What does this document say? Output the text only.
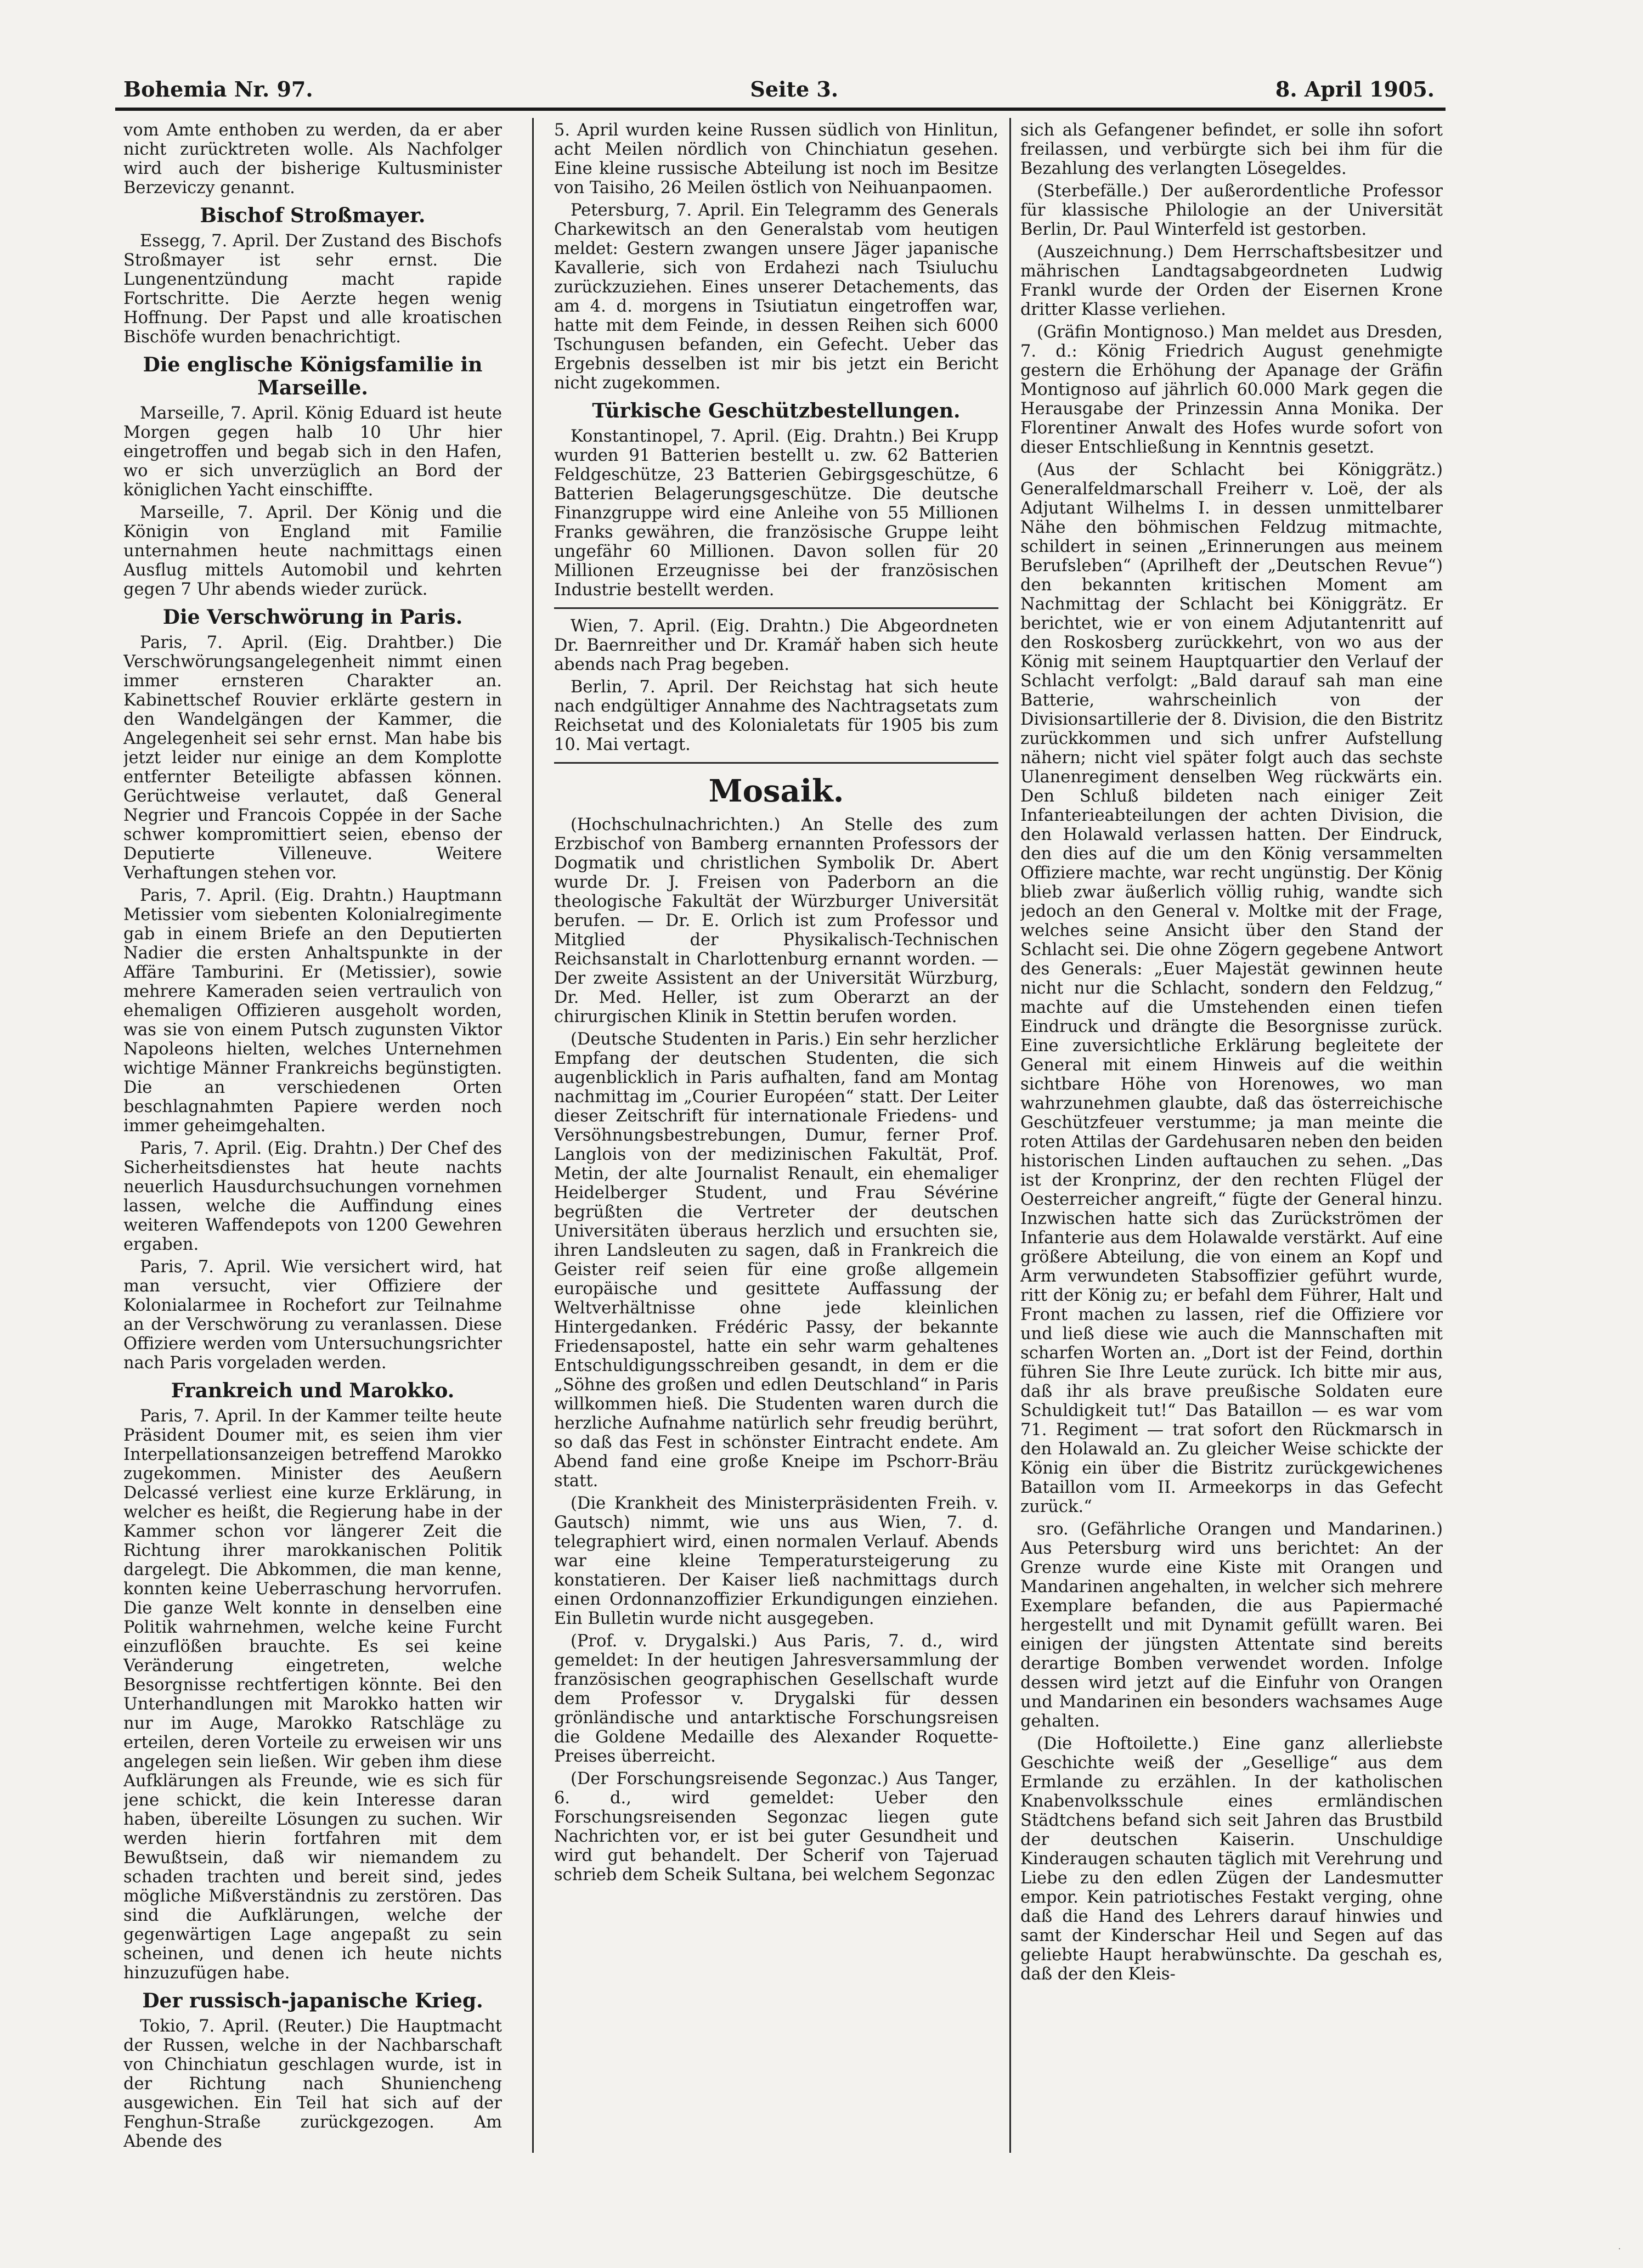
Bohemia Nr. 97.	Seite 3.	8. April 1905.

vom Amte enthoben zu werden, da er aber nicht zurücktreten wolle. Als Nachfolger wird auch der bisherige Kultusminister Berzeviczy genannt.

Bischof Stroßmayer.

Essegg, 7. April. Der Zustand des Bischofs Stroßmayer ist sehr ernst. Die Lungenentzündung macht rapide Fortschritte. Die Aerzte hegen wenig Hoffnung. Der Papst und alle kroatischen Bischöfe wurden benachrichtigt.

Die englische Königsfamilie in Marseille.

Marseille, 7. April. König Eduard ist heute Morgen gegen halb 10 Uhr hier eingetroffen und begab sich in den Hafen, wo er sich unverzüglich an Bord der königlichen Yacht einschiffte.

Marseille, 7. April. Der König und die Königin von England mit Familie unternahmen heute nachmittags einen Ausflug mittels Automobil und kehrten gegen 7 Uhr abends wieder zurück.

Die Verschwörung in Paris.

Paris, 7. April. (Eig. Drahtber.) Die Verschwörungsangelegenheit nimmt einen immer ernsteren Charakter an. Kabinettschef Rouvier erklärte gestern in den Wandelgängen der Kammer, die Angelegenheit sei sehr ernst. Man habe bis jetzt leider nur einige an dem Komplotte entfernter Beteiligte abfassen können. Gerüchtweise verlautet, daß General Negrier und Francois Coppée in der Sache schwer kompromittiert seien, ebenso der Deputierte Villeneuve. Weitere Verhaftungen stehen vor.

Paris, 7. April. (Eig. Drahtn.) Hauptmann Metissier vom siebenten Kolonialregimente gab in einem Briefe an den Deputierten Nadier die ersten Anhaltspunkte in der Affäre Tamburini. Er (Metissier), sowie mehrere Kameraden seien vertraulich von ehemaligen Offizieren ausgeholt worden, was sie von einem Putsch zugunsten Viktor Napoleons hielten, welches Unternehmen wichtige Männer Frankreichs begünstigten. Die an verschiedenen Orten beschlagnahmten Papiere werden noch immer geheimgehalten.

Paris, 7. April. (Eig. Drahtn.) Der Chef des Sicherheitsdienstes hat heute nachts neuerlich Hausdurchsuchungen vornehmen lassen, welche die Auffindung eines weiteren Waffendepots von 1200 Gewehren ergaben.

Paris, 7. April. Wie versichert wird, hat man versucht, vier Offiziere der Kolonialarmee in Rochefort zur Teilnahme an der Verschwörung zu veranlassen. Diese Offiziere werden vom Untersuchungsrichter nach Paris vorgeladen werden.

Frankreich und Marokko.

Paris, 7. April. In der Kammer teilte heute Präsident Doumer mit, es seien ihm vier Interpellationsanzeigen betreffend Marokko zugekommen. Minister des Aeußern Delcassé verliest eine kurze Erklärung, in welcher es heißt, die Regierung habe in der Kammer schon vor längerer Zeit die Richtung ihrer marokkanischen Politik dargelegt. Die Abkommen, die man kenne, konnten keine Ueberraschung hervorrufen. Die ganze Welt konnte in denselben eine Politik wahrnehmen, welche keine Furcht einzuflößen brauchte. Es sei keine Veränderung eingetreten, welche Besorgnisse rechtfertigen könnte. Bei den Unterhandlungen mit Marokko hatten wir nur im Auge, Marokko Ratschläge zu erteilen, deren Vorteile zu erweisen wir uns angelegen sein ließen. Wir geben ihm diese Aufklärungen als Freunde, wie es sich für jene schickt, die kein Interesse daran haben, übereilte Lösungen zu suchen. Wir werden hierin fortfahren mit dem Bewußtsein, daß wir niemandem zu schaden trachten und bereit sind, jedes mögliche Mißverständnis zu zerstören. Das sind die Aufklärungen, welche der gegenwärtigen Lage angepaßt zu sein scheinen, und denen ich heute nichts hinzuzufügen habe.

Der russisch-japanische Krieg.

Tokio, 7. April. (Reuter.) Die Hauptmacht der Russen, welche in der Nachbarschaft von Chinchiatun geschlagen wurde, ist in der Richtung nach Shuniencheng ausgewichen. Ein Teil hat sich auf der Fenghun-Straße zurückgezogen. Am Abende des

5. April wurden keine Russen südlich von Hinlitun, acht Meilen nördlich von Chinchiatun gesehen. Eine kleine russische Abteilung ist noch im Besitze von Taisiho, 26 Meilen östlich von Neihuanpaomen.

Petersburg, 7. April. Ein Telegramm des Generals Charkewitsch an den Generalstab vom heutigen meldet: Gestern zwangen unsere Jäger japanische Kavallerie, sich von Erdahezi nach Tsiuluchu zurückzuziehen. Eines unserer Detachements, das am 4. d. morgens in Tsiutiatun eingetroffen war, hatte mit dem Feinde, in dessen Reihen sich 6000 Tschungusen befanden, ein Gefecht. Ueber das Ergebnis desselben ist mir bis jetzt ein Bericht nicht zugekommen.

Türkische Geschützbestellungen.

Konstantinopel, 7. April. (Eig. Drahtn.) Bei Krupp wurden 91 Batterien bestellt u. zw. 62 Batterien Feldgeschütze, 23 Batterien Gebirgsgeschütze, 6 Batterien Belagerungsgeschütze. Die deutsche Finanzgruppe wird eine Anleihe von 55 Millionen Franks gewähren, die französische Gruppe leiht ungefähr 60 Millionen. Davon sollen für 20 Millionen Erzeugnisse bei der französischen Industrie bestellt werden.

Wien, 7. April. (Eig. Drahtn.) Die Abgeordneten Dr. Baernreither und Dr. Kramář haben sich heute abends nach Prag begeben.

Berlin, 7. April. Der Reichstag hat sich heute nach endgültiger Annahme des Nachtragsetats zum Reichsetat und des Kolonialetats für 1905 bis zum 10. Mai vertagt.

Mosaik.

(Hochschulnachrichten.) An Stelle des zum Erzbischof von Bamberg ernannten Professors der Dogmatik und christlichen Symbolik Dr. Abert wurde Dr. J. Freisen von Paderborn an die theologische Fakultät der Würzburger Universität berufen. — Dr. E. Orlich ist zum Professor und Mitglied der Physikalisch-Technischen Reichsanstalt in Charlottenburg ernannt worden. — Der zweite Assistent an der Universität Würzburg, Dr. Med. Heller, ist zum Oberarzt an der chirurgischen Klinik in Stettin berufen worden.

(Deutsche Studenten in Paris.) Ein sehr herzlicher Empfang der deutschen Studenten, die sich augenblicklich in Paris aufhalten, fand am Montag nachmittag im „Courier Européen“ statt. Der Leiter dieser Zeitschrift für internationale Friedens- und Versöhnungsbestrebungen, Dumur, ferner Prof. Langlois von der medizinischen Fakultät, Prof. Metin, der alte Journalist Renault, ein ehemaliger Heidelberger Student, und Frau Sévérine begrüßten die Vertreter der deutschen Universitäten überaus herzlich und ersuchten sie, ihren Landsleuten zu sagen, daß in Frankreich die Geister reif seien für eine große allgemein europäische und gesittete Auffassung der Weltverhältnisse ohne jede kleinlichen Hintergedanken. Frédéric Passy, der bekannte Friedensapostel, hatte ein sehr warm gehaltenes Entschuldigungsschreiben gesandt, in dem er die „Söhne des großen und edlen Deutschland“ in Paris willkommen hieß. Die Studenten waren durch die herzliche Aufnahme natürlich sehr freudig berührt, so daß das Fest in schönster Eintracht endete. Am Abend fand eine große Kneipe im Pschorr-Bräu statt.

(Die Krankheit des Ministerpräsidenten Freih. v. Gautsch) nimmt, wie uns aus Wien, 7. d. telegraphiert wird, einen normalen Verlauf. Abends war eine kleine Temperatursteigerung zu konstatieren. Der Kaiser ließ nachmittags durch einen Ordonnanzoffizier Erkundigungen einziehen. Ein Bulletin wurde nicht ausgegeben.

(Prof. v. Drygalski.) Aus Paris, 7. d., wird gemeldet: In der heutigen Jahresversammlung der französischen geographischen Gesellschaft wurde dem Professor v. Drygalski für dessen grönländische und antarktische Forschungsreisen die Goldene Medaille des Alexander Roquette-Preises überreicht.

(Der Forschungsreisende Segonzac.) Aus Tanger, 6. d., wird gemeldet: Ueber den Forschungsreisenden Segonzac liegen gute Nachrichten vor, er ist bei guter Gesundheit und wird gut behandelt. Der Scherif von Tajeruad schrieb dem Scheik Sultana, bei welchem Segonzac

sich als Gefangener befindet, er solle ihn sofort freilassen, und verbürgte sich bei ihm für die Bezahlung des verlangten Lösegeldes.

(Sterbefälle.) Der außerordentliche Professor für klassische Philologie an der Universität Berlin, Dr. Paul Winterfeld ist gestorben.

(Auszeichnung.) Dem Herrschaftsbesitzer und mährischen Landtagsabgeordneten Ludwig Frankl wurde der Orden der Eisernen Krone dritter Klasse verliehen.

(Gräfin Montignoso.) Man meldet aus Dresden, 7. d.: König Friedrich August genehmigte gestern die Erhöhung der Apanage der Gräfin Montignoso auf jährlich 60.000 Mark gegen die Herausgabe der Prinzessin Anna Monika. Der Florentiner Anwalt des Hofes wurde sofort von dieser Entschließung in Kenntnis gesetzt.

(Aus der Schlacht bei Königgrätz.) Generalfeldmarschall Freiherr v. Loë, der als Adjutant Wilhelms I. in dessen unmittelbarer Nähe den böhmischen Feldzug mitmachte, schildert in seinen „Erinnerungen aus meinem Berufsleben“ (Aprilheft der „Deutschen Revue“) den bekannten kritischen Moment am Nachmittag der Schlacht bei Königgrätz. Er berichtet, wie er von einem Adjutantenritt auf den Roskosberg zurückkehrt, von wo aus der König mit seinem Hauptquartier den Verlauf der Schlacht verfolgt: „Bald darauf sah man eine Batterie, wahrscheinlich von der Divisionsartillerie der 8. Division, die den Bistritz zurückkommen und sich unfrer Aufstellung nähern; nicht viel später folgt auch das sechste Ulanenregiment denselben Weg rückwärts ein. Den Schluß bildeten nach einiger Zeit Infanterieabteilungen der achten Division, die den Holawald verlassen hatten. Der Eindruck, den dies auf die um den König versammelten Offiziere machte, war recht ungünstig. Der König blieb zwar äußerlich völlig ruhig, wandte sich jedoch an den General v. Moltke mit der Frage, welches seine Ansicht über den Stand der Schlacht sei. Die ohne Zögern gegebene Antwort des Generals: „Euer Majestät gewinnen heute nicht nur die Schlacht, sondern den Feldzug,“ machte auf die Umstehenden einen tiefen Eindruck und drängte die Besorgnisse zurück. Eine zuversichtliche Erklärung begleitete der General mit einem Hinweis auf die weithin sichtbare Höhe von Horenowes, wo man wahrzunehmen glaubte, daß das österreichische Geschützfeuer verstumme; ja man meinte die roten Attilas der Gardehusaren neben den beiden historischen Linden auftauchen zu sehen. „Das ist der Kronprinz, der den rechten Flügel der Oesterreicher angreift,“ fügte der General hinzu. Inzwischen hatte sich das Zurückströmen der Infanterie aus dem Holawalde verstärkt. Auf eine größere Abteilung, die von einem an Kopf und Arm verwundeten Stabsoffizier geführt wurde, ritt der König zu; er befahl dem Führer, Halt und Front machen zu lassen, rief die Offiziere vor und ließ diese wie auch die Mannschaften mit scharfen Worten an. „Dort ist der Feind, dorthin führen Sie Ihre Leute zurück. Ich bitte mir aus, daß ihr als brave preußische Soldaten eure Schuldigkeit tut!“ Das Bataillon — es war vom 71. Regiment — trat sofort den Rückmarsch in den Holawald an. Zu gleicher Weise schickte der König ein über die Bistritz zurückgewichenes Bataillon vom II. Armeekorps in das Gefecht zurück.“

sro. (Gefährliche Orangen und Mandarinen.) Aus Petersburg wird uns berichtet: An der Grenze wurde eine Kiste mit Orangen und Mandarinen angehalten, in welcher sich mehrere Exemplare befanden, die aus Papiermaché hergestellt und mit Dynamit gefüllt waren. Bei einigen der jüngsten Attentate sind bereits derartige Bomben verwendet worden. Infolge dessen wird jetzt auf die Einfuhr von Orangen und Mandarinen ein besonders wachsames Auge gehalten.

(Die Hoftoilette.) Eine ganz allerliebste Geschichte weiß der „Gesellige“ aus dem Ermlande zu erzählen. In der katholischen Knabenvolksschule eines ermländischen Städtchens befand sich seit Jahren das Brustbild der deutschen Kaiserin. Unschuldige Kinderaugen schauten täglich mit Verehrung und Liebe zu den edlen Zügen der Landesmutter empor. Kein patriotisches Festakt verging, ohne daß die Hand des Lehrers darauf hinwies und samt der Kinderschar Heil und Segen auf das geliebte Haupt herabwünschte. Da geschah es, daß der den Kleis-

·
